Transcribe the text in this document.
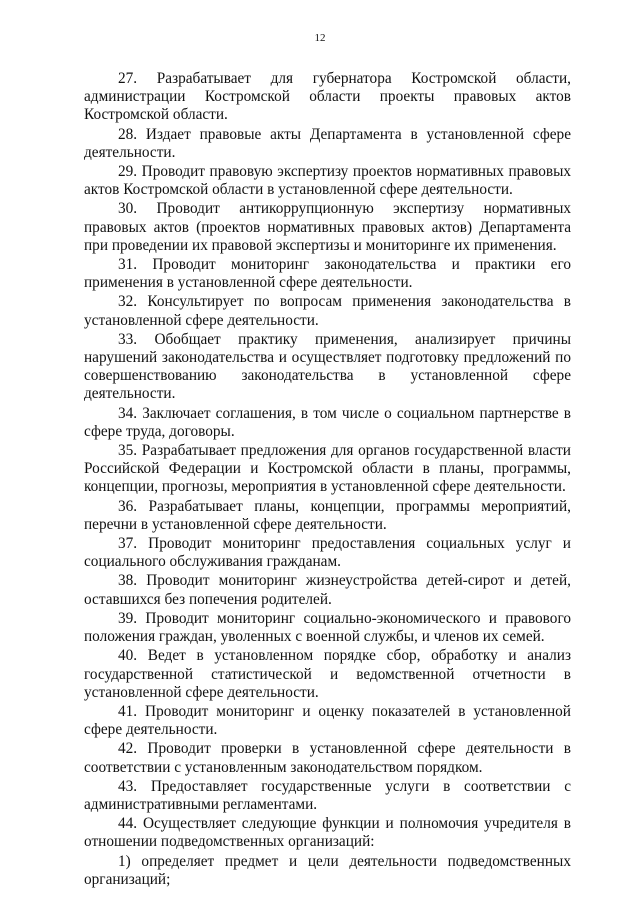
12

27. Разрабатывает для губернатора Костромской области, администрации Костромской области проекты правовых актов Костромской области.

28. Издает правовые акты Департамента в установленной сфере деятельности.

29. Проводит правовую экспертизу проектов нормативных правовых актов Костромской области в установленной сфере деятельности.

30. Проводит антикоррупционную экспертизу нормативных правовых актов (проектов нормативных правовых актов) Департамента при проведении их правовой экспертизы и мониторинге их применения.

31. Проводит мониторинг законодательства и практики его применения в установленной сфере деятельности.

32. Консультирует по вопросам применения законодательства в установленной сфере деятельности.

33. Обобщает практику применения, анализирует причины нарушений законодательства и осуществляет подготовку предложений по совершенствованию законодательства в установленной сфере деятельности.

34. Заключает соглашения, в том числе о социальном партнерстве в сфере труда, договоры.

35. Разрабатывает предложения для органов государственной власти Российской Федерации и Костромской области в планы, программы, концепции, прогнозы, мероприятия в установленной сфере деятельности.

36. Разрабатывает планы, концепции, программы мероприятий, перечни в установленной сфере деятельности.

37. Проводит мониторинг предоставления социальных услуг и социального обслуживания гражданам.

38. Проводит мониторинг жизнеустройства детей-сирот и детей, оставшихся без попечения родителей.

39. Проводит мониторинг социально-экономического и правового положения граждан, уволенных с военной службы, и членов их семей.

40. Ведет в установленном порядке сбор, обработку и анализ государственной статистической и ведомственной отчетности в установленной сфере деятельности.

41. Проводит мониторинг и оценку показателей в установленной сфере деятельности.

42. Проводит проверки в установленной сфере деятельности в соответствии с установленным законодательством порядком.

43. Предоставляет государственные услуги в соответствии с административными регламентами.

44. Осуществляет следующие функции и полномочия учредителя в отношении подведомственных организаций:

1) определяет предмет и цели деятельности подведомственных организаций;
